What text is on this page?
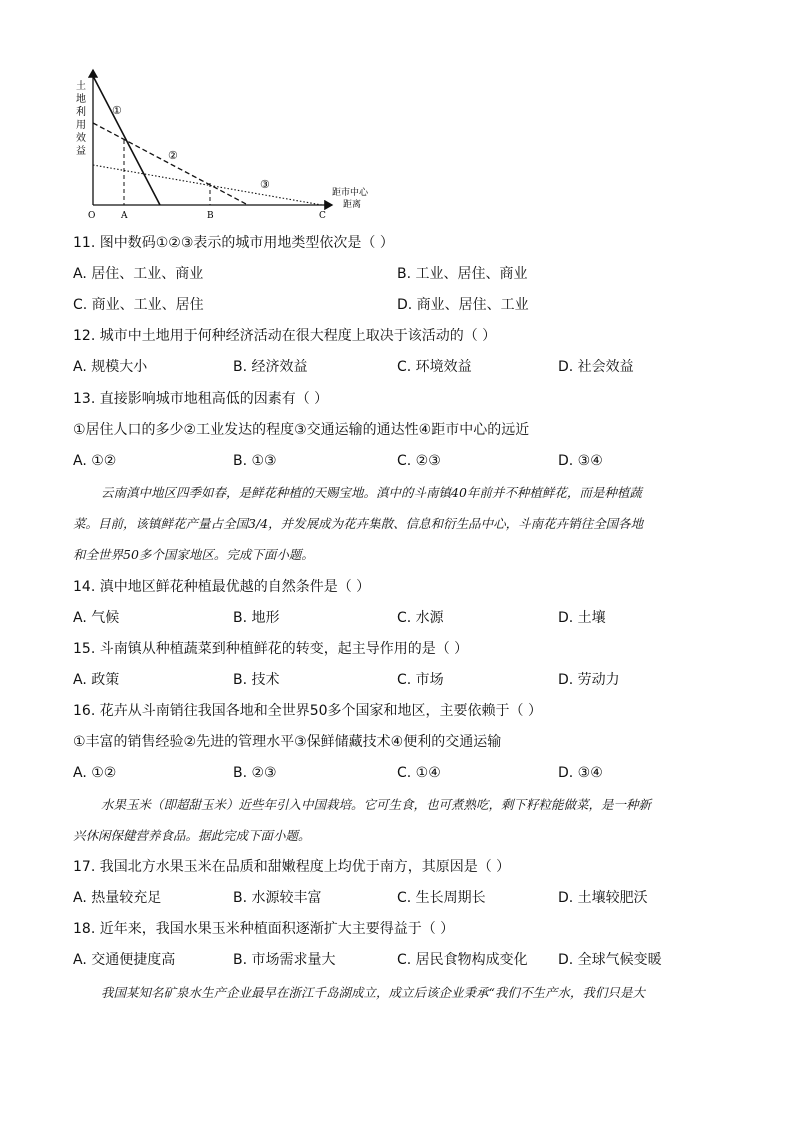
土
地
利
用
效
益
①
②
③
O	A	B	C
距市中心
距离
11. 图中数码①②③表示的城市用地类型依次是（ ）
A. 居住、工业、商业	B. 工业、居住、商业
C. 商业、工业、居住	D. 商业、居住、工业
12. 城市中土地用于何种经济活动在很大程度上取决于该活动的（ ）
A. 规模大小	B. 经济效益	C. 环境效益	D. 社会效益
13. 直接影响城市地租高低的因素有（ ）
①居住人口的多少②工业发达的程度③交通运输的通达性④距市中心的远近
A. ①②	B. ①③	C. ②③	D. ③④

云南滇中地区四季如春，是鲜花种植的天赐宝地。滇中的斗南镇40年前并不种植鲜花，而是种植蔬

菜。目前，该镇鲜花产量占全国3/4，并发展成为花卉集散、信息和衍生品中心，斗南花卉销往全国各地

和全世界50多个国家地区。完成下面小题。

14. 滇中地区鲜花种植最优越的自然条件是（ ）
A. 气候	B. 地形	C. 水源	D. 土壤
15. 斗南镇从种植蔬菜到种植鲜花的转变，起主导作用的是（ ）
A. 政策	B. 技术	C. 市场	D. 劳动力
16. 花卉从斗南销往我国各地和全世界50多个国家和地区，主要依赖于（ ）
①丰富的销售经验②先进的管理水平③保鲜储藏技术④便利的交通运输
A. ①②	B. ②③	C. ①④	D. ③④

水果玉米（即超甜玉米）近些年引入中国栽培。它可生食，也可煮熟吃，剩下籽粒能做菜，是一种新

兴休闲保健营养食品。据此完成下面小题。

17. 我国北方水果玉米在品质和甜嫩程度上均优于南方，其原因是（ ）
A. 热量较充足	B. 水源较丰富	C. 生长周期长	D. 土壤较肥沃
18. 近年来，我国水果玉米种植面积逐渐扩大主要得益于（ ）
A. 交通便捷度高	B. 市场需求量大	C. 居民食物构成变化 D. 全球气候变暖

我国某知名矿泉水生产企业最早在浙江千岛湖成立，成立后该企业秉承“我们不生产水，我们只是大
